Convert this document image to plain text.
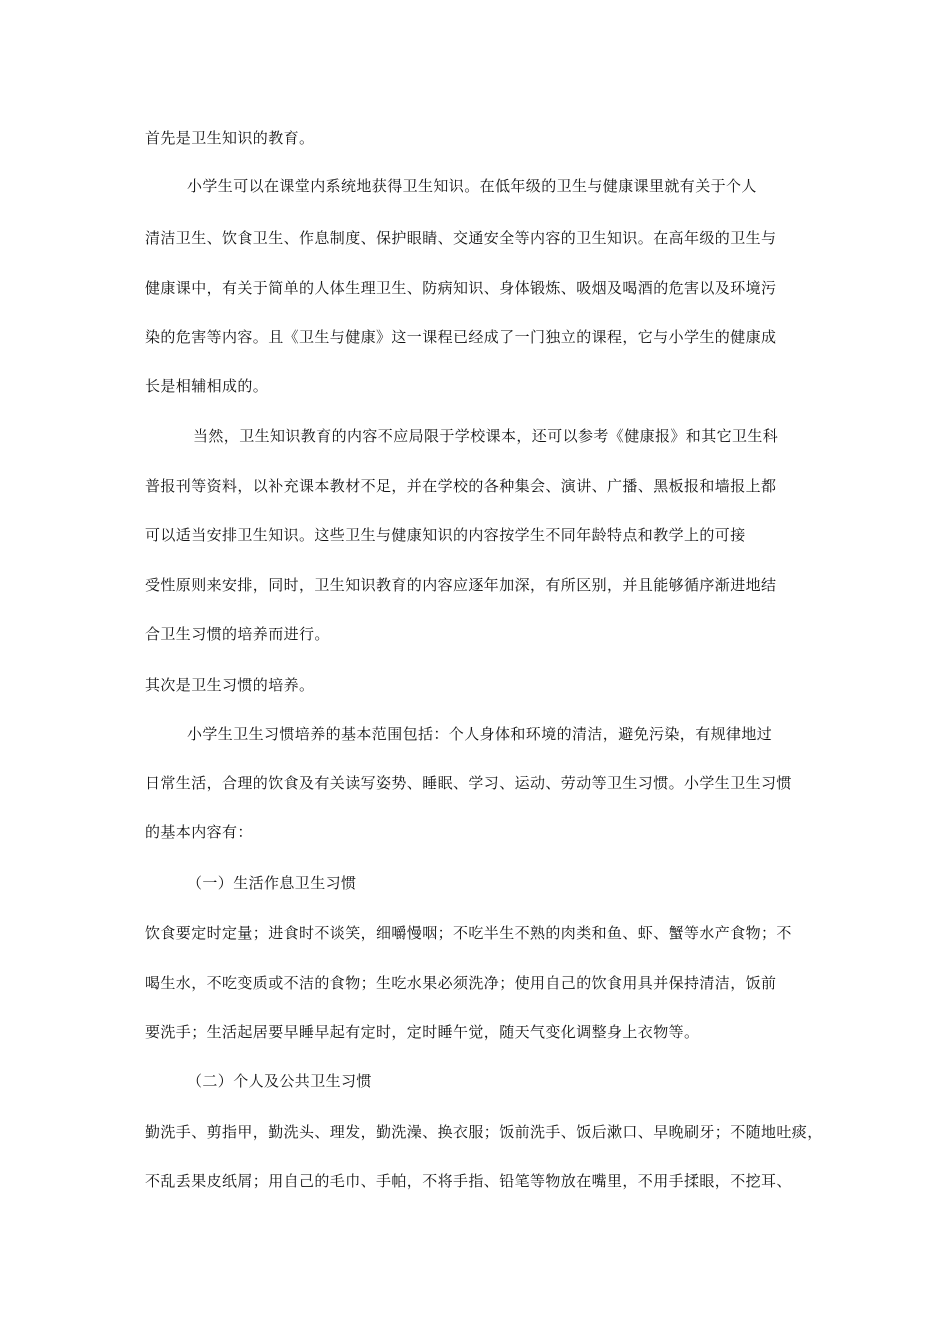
首先是卫生知识的教育。
小学生可以在课堂内系统地获得卫生知识。在低年级的卫生与健康课里就有关于个人
清洁卫生、饮食卫生、作息制度、保护眼睛、交通安全等内容的卫生知识。在高年级的卫生与
健康课中，有关于简单的人体生理卫生、防病知识、身体锻炼、吸烟及喝酒的危害以及环境污
染的危害等内容。且《卫生与健康》这一课程已经成了一门独立的课程，它与小学生的健康成
长是相辅相成的。
当然，卫生知识教育的内容不应局限于学校课本，还可以参考《健康报》和其它卫生科
普报刊等资料，以补充课本教材不足，并在学校的各种集会、演讲、广播、黑板报和墙报上都
可以适当安排卫生知识。这些卫生与健康知识的内容按学生不同年龄特点和教学上的可接
受性原则来安排，同时，卫生知识教育的内容应逐年加深，有所区别，并且能够循序渐进地结
合卫生习惯的培养而进行。
其次是卫生习惯的培养。
小学生卫生习惯培养的基本范围包括：个人身体和环境的清洁，避免污染，有规律地过
日常生活，合理的饮食及有关读写姿势、睡眠、学习、运动、劳动等卫生习惯。小学生卫生习惯
的基本内容有：
（一）生活作息卫生习惯
饮食要定时定量；进食时不谈笑，细嚼慢咽；不吃半生不熟的肉类和鱼、虾、蟹等水产食物；不
喝生水，不吃变质或不洁的食物；生吃水果必须洗净；使用自己的饮食用具并保持清洁，饭前
要洗手；生活起居要早睡早起有定时，定时睡午觉，随天气变化调整身上衣物等。
（二）个人及公共卫生习惯
勤洗手、剪指甲，勤洗头、理发，勤洗澡、换衣服；饭前洗手、饭后漱口、早晚刷牙；不随地吐痰，
不乱丢果皮纸屑；用自己的毛巾、手帕，不将手指、铅笔等物放在嘴里，不用手揉眼，不挖耳、
